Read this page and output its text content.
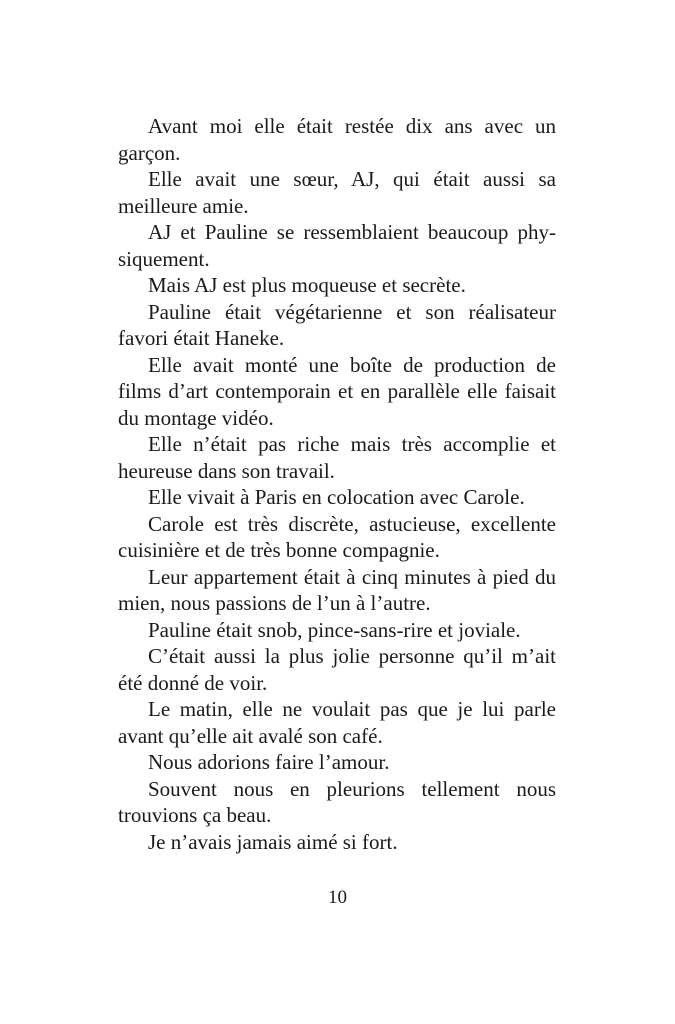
Avant moi elle était restée dix ans avec un garçon.

Elle avait une sœur, AJ, qui était aussi sa meilleure amie.

AJ et Pauline se ressemblaient beaucoup physiquement.

Mais AJ est plus moqueuse et secrète.

Pauline était végétarienne et son réalisateur favori était Haneke.

Elle avait monté une boîte de production de films d’art contemporain et en parallèle elle faisait du montage vidéo.

Elle n’était pas riche mais très accomplie et heureuse dans son travail.

Elle vivait à Paris en colocation avec Carole.

Carole est très discrète, astucieuse, excellente cuisinière et de très bonne compagnie.

Leur appartement était à cinq minutes à pied du mien, nous passions de l’un à l’autre.

Pauline était snob, pince-sans-rire et joviale.

C’était aussi la plus jolie personne qu’il m’ait été donné de voir.

Le matin, elle ne voulait pas que je lui parle avant qu’elle ait avalé son café.

Nous adorions faire l’amour.

Souvent nous en pleurions tellement nous trouvions ça beau.

Je n’avais jamais aimé si fort.

10
